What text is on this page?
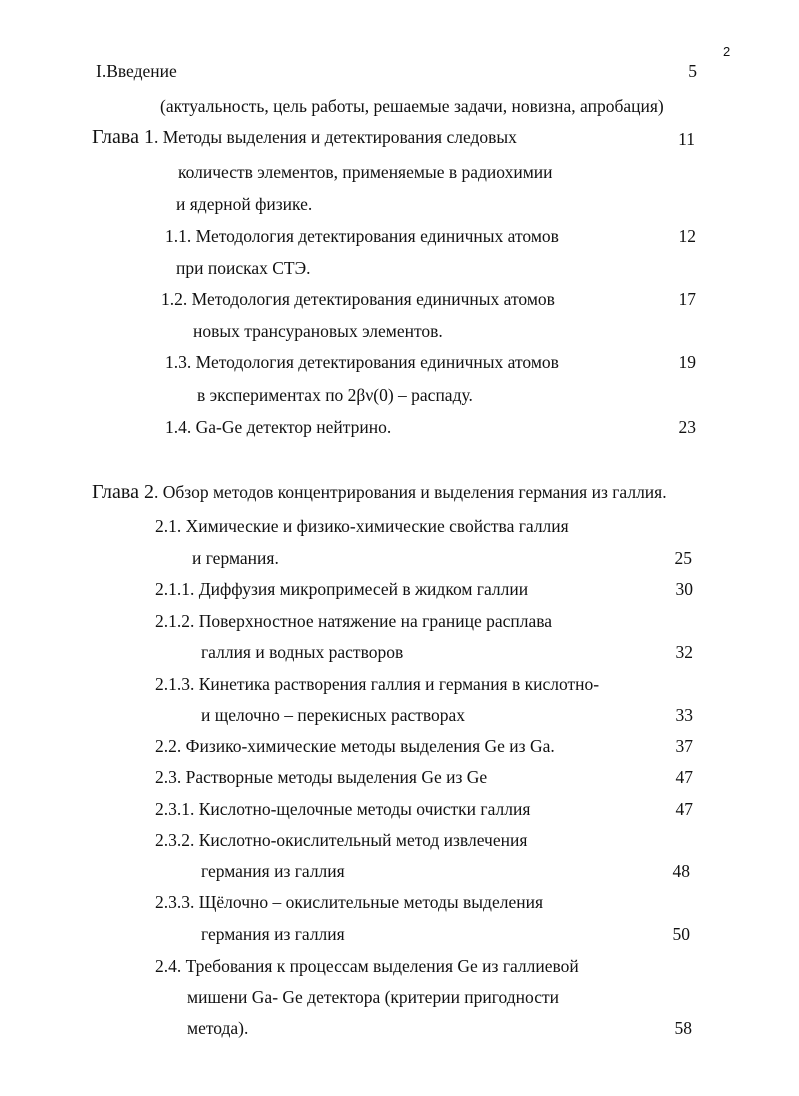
2
I.Введение	5
(актуальность, цель работы, решаемые задачи, новизна, апробация)
Глава 1. Методы выделения и детектирования следовых	11
количеств элементов, применяемые в радиохимии
и ядерной физике.
1.1. Методология детектирования единичных атомов	12
при поисках СТЭ.
1.2. Методология детектирования единичных атомов	17
новых трансурановых элементов.
1.3. Методология детектирования единичных атомов	19
в экспериментах по 2βν(0) – распаду.
1.4. Ga-Ge детектор нейтрино.	23
Глава 2. Обзор методов концентрирования и выделения германия из галлия.
2.1. Химические и физико-химические свойства галлия
и германия.	25
2.1.1. Диффузия микропримесей в жидком галлии	30
2.1.2. Поверхностное натяжение на границе расплава
галлия и водных растворов	32
2.1.3. Кинетика растворения галлия и германия в кислотно-
и щелочно – перекисных растворах	33
2.2. Физико-химические методы выделения Ge из Ga.	37
2.3. Растворные методы выделения Ge из Ge	47
2.3.1. Кислотно-щелочные методы очистки галлия	47
2.3.2. Кислотно-окислительный метод извлечения
германия из галлия	48
2.3.3. Щёлочно – окислительные методы выделения
германия из галлия	50
2.4. Требования к процессам выделения Ge из галлиевой
мишени Ga- Ge детектора (критерии пригодности
метода).	58
